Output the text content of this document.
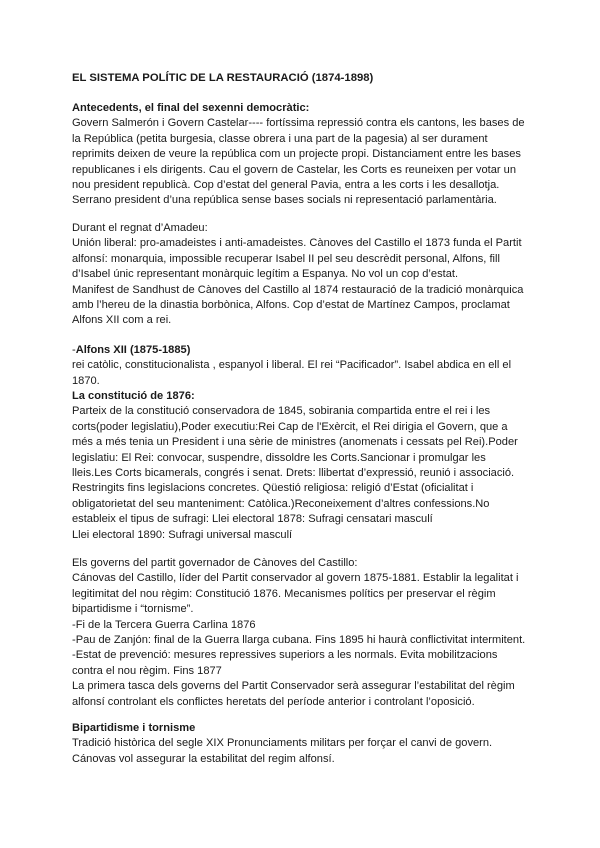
EL SISTEMA POLÍTIC DE LA RESTAURACIÓ (1874-1898)
Antecedents, el final del sexenni democràtic:
Govern Salmerón i Govern Castelar---- fortíssima repressió contra els cantons, les bases de
la República (petita burgesia, classe obrera i una part de la pagesia) al ser durament
reprimits deixen de veure la república com un projecte propi. Distanciament entre les bases
republicanes i els dirigents. Cau el govern de Castelar, les Corts es reuneixen per votar un
nou president republicà. Cop d’estat del general Pavia, entra a les corts i les desallotja.
Serrano president d’una república sense bases socials ni representació parlamentària.
Durant el regnat d’Amadeu:
Unión liberal: pro-amadeistes i anti-amadeistes. Cànoves del Castillo el 1873 funda el Partit
alfonsí: monarquia, impossible recuperar Isabel II pel seu descrèdit personal, Alfons, fill
d’Isabel únic representant monàrquic legítim a Espanya. No vol un cop d’estat.
Manifest de Sandhust de Cànoves del Castillo al 1874 restauració de la tradició monàrquica
amb l’hereu de la dinastia borbònica, Alfons. Cop d’estat de Martínez Campos, proclamat
Alfons XII com a rei.
-Alfons XII (1875-1885)
rei catòlic, constitucionalista , espanyol i liberal. El rei “Pacificador”. Isabel abdica en ell el
1870.
La constitució de 1876:
Parteix de la constitució conservadora de 1845, sobirania compartida entre el rei i les
corts(poder legislatiu),Poder executiu:Rei Cap de l'Exèrcit, el Rei dirigia el Govern, que a
més a més tenia un President i una sèrie de ministres (anomenats i cessats pel Rei).Poder
legislatiu: El Rei: convocar, suspendre, dissoldre les Corts.Sancionar i promulgar les
lleis.Les Corts bicamerals, congrés i senat. Drets: llibertat d’expressió, reunió i associació.
Restringits fins legislacions concretes. Qüestió religiosa: religió d’Estat (oficialitat i
obligatorietat del seu manteniment: Catòlica.)Reconeixement d’altres confessions.No
estableix el tipus de sufragi: Llei electoral 1878: Sufragi censatari masculí
Llei electoral 1890: Sufragi universal masculí
Els governs del partit governador de Cànoves del Castillo:
Cánovas del Castillo, líder del Partit conservador al govern 1875-1881. Establir la legalitat i
legitimitat del nou règim: Constitució 1876. Mecanismes polítics per preservar el règim
bipartidisme i “tornisme”.
-Fi de la Tercera Guerra Carlina 1876
-Pau de Zanjón: final de la Guerra llarga cubana. Fins 1895 hi haurà conflictivitat intermitent.
-Estat de prevenció: mesures repressives superiors a les normals. Evita mobilitzacions
contra el nou règim. Fins 1877
La primera tasca dels governs del Partit Conservador serà assegurar l’estabilitat del règim
alfonsí controlant els conflictes heretats del període anterior i controlant l’oposició.
Bipartidisme i tornisme
Tradició històrica del segle XIX Pronunciaments militars per forçar el canvi de govern.
Cánovas vol assegurar la estabilitat del regim alfonsí.
